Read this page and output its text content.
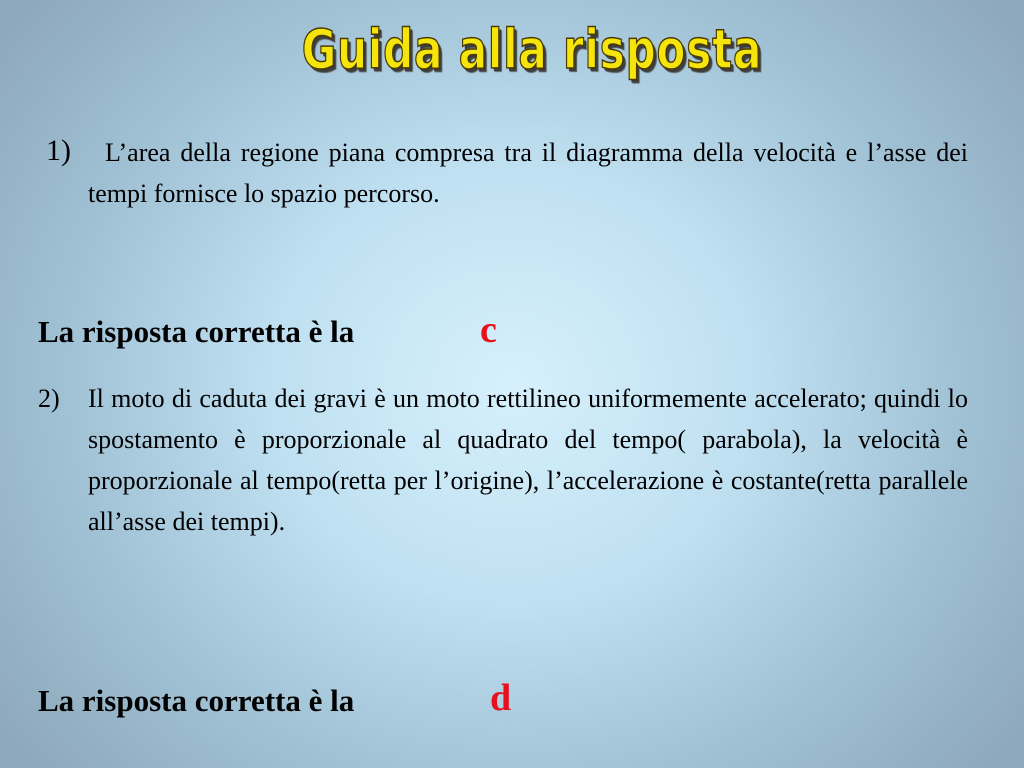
Guida alla risposta
1)	L’area della regione piana compresa tra il diagramma della velocità e l’asse dei tempi fornisce lo spazio percorso.
La risposta corretta è la	c
2) Il moto di caduta dei gravi è un moto rettilineo uniformemente accelerato; quindi lo spostamento è proporzionale al quadrato del tempo( parabola), la velocità è proporzionale al tempo(retta per l’origine), l’accelerazione è costante(retta parallele all’asse dei tempi).
La risposta corretta è la	d
